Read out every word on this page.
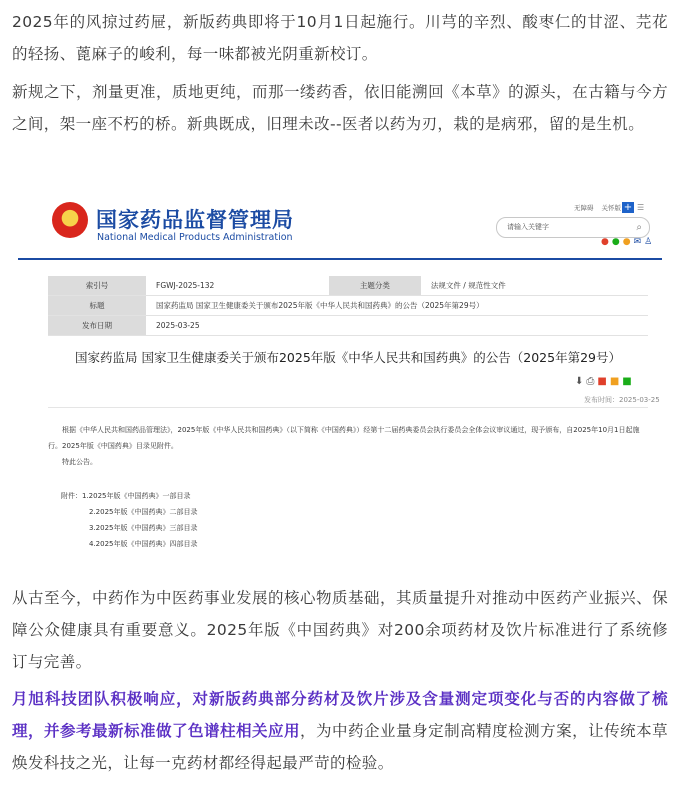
2025年的风掠过药屉，新版药典即将于10月1日起施行。川芎的辛烈、酸枣仁的甘涩、芫花的轻扬、蓖麻子的峻利，每一味都被光阴重新校订。

新规之下，剂量更准，质地更纯，而那一缕药香，依旧能溯回《本草》的源头，在古籍与今方之间，架一座不朽的桥。新典既成，旧理未改--医者以药为刃，栽的是病邪，留的是生机。

★ 国家药品监督管理局
National Medical Products Administration
无障碍 关怀版 + ☰
请输入关键字	⌕
● ● ● ✉ ♙
索引号	FGWJ-2025-132	主题分类	法规文件 / 规范性文件
标题	国家药监局 国家卫生健康委关于颁布2025年版《中华人民共和国药典》的公告（2025年第29号）		
发布日期	2025-03-25		
国家药监局 国家卫生健康委关于颁布2025年版《中华人民共和国药典》的公告（2025年第29号）
⬇ ⎙ ■ ■ ■
发布时间：2025-03-25
根据《中华人民共和国药品管理法》，2025年版《中华人民共和国药典》（以下简称《中国药典》）经第十二届药典委员会执行委员会全体会议审议通过，现予颁布，自2025年10月1日起施行。2025年版《中国药典》目录见附件。
特此公告。
附件：1.2025年版《中国药典》一部目录
2.2025年版《中国药典》二部目录
3.2025年版《中国药典》三部目录
4.2025年版《中国药典》四部目录

从古至今，中药作为中医药事业发展的核心物质基础，其质量提升对推动中医药产业振兴、保障公众健康具有重要意义。2025年版《中国药典》对200余项药材及饮片标准进行了系统修订与完善。

月旭科技团队积极响应，对新版药典部分药材及饮片涉及含量测定项变化与否的内容做了梳理，并参考最新标准做了色谱柱相关应用，为中药企业量身定制高精度检测方案，让传统本草焕发科技之光，让每一克药材都经得起最严苛的检验。
